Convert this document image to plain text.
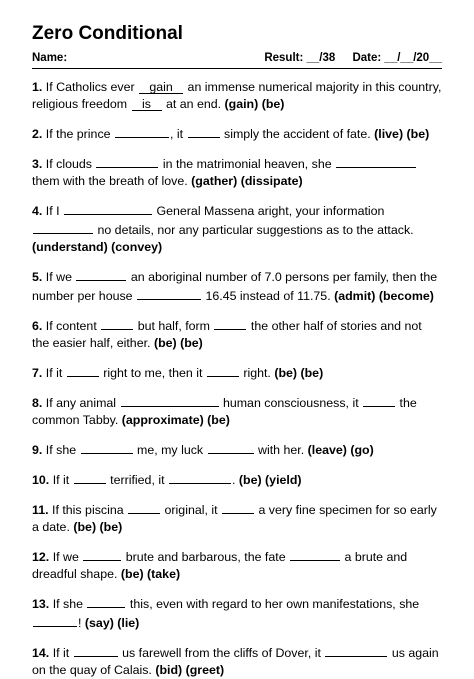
Zero Conditional
Name:	Result: __/38 Date: __/__/20__

1. If Catholics ever gain an immense numerical majority in this country, religious freedom is at an end. (gain) (be)

2. If the prince	, it	simply the accident of fate. (live) (be)

3. If clouds	in the matrimonial heaven, she  them with the breath of love. (gather) (dissipate)

4. If I	General Massena aright, your information  no details, nor any particular suggestions as to the attack. (understand) (convey)

5. If we	an aboriginal number of 7.0 persons per family, then the number per house	16.45 instead of 11.75. (admit) (become)

6. If content	but half, form	the other half of stories and not the easier half, either. (be) (be)

7. If it	right to me, then it	right. (be) (be)

8. If any animal	human consciousness, it	the common Tabby. (approximate) (be)

9. If she	me, my luck	with her. (leave) (go)

10. If it	terrified, it	. (be) (yield)

11. If this piscina	original, it	a very fine specimen for so early a date. (be) (be)

12. If we	brute and barbarous, the fate	a brute and dreadful shape. (be) (take)

13. If she	this, even with regard to her own manifestations, she ! (say) (lie)

14. If it	us farewell from the cliffs of Dover, it	us again on the quay of Calais. (bid) (greet)
